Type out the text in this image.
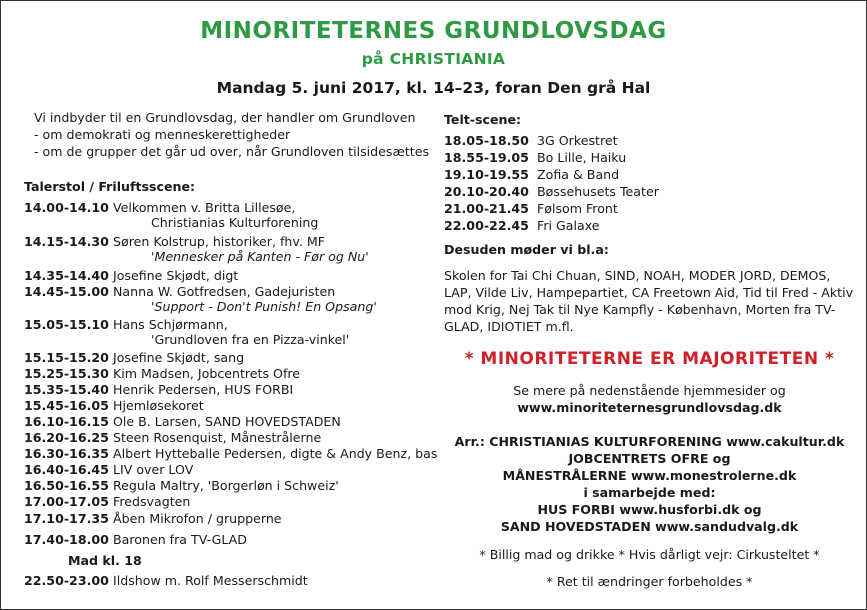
MINORITETERNES GRUNDLOVSDAG
på CHRISTIANIA
Mandag 5. juni 2017, kl. 14–23, foran Den grå Hal
Vi indbyder til en Grundlovsdag, der handler om Grundloven
- om demokrati og menneskerettigheder
- om de grupper det går ud over, når Grundloven tilsidesættes
Talerstol / Friluftsscene:
14.00-14.10 Velkommen v. Britta Lillesøe,
Christianias Kulturforening
14.15-14.30 Søren Kolstrup, historiker, fhv. MF
'Mennesker på Kanten - Før og Nu'
14.35-14.40 Josefine Skjødt, digt
14.45-15.00 Nanna W. Gotfredsen, Gadejuristen
'Support - Don't Punish! En Opsang'
15.05-15.10 Hans Schjørmann,
'Grundloven fra en Pizza-vinkel'
15.15-15.20 Josefine Skjødt, sang
15.25-15.30 Kim Madsen, Jobcentrets Ofre
15.35-15.40 Henrik Pedersen, HUS FORBI
15.45-16.05 Hjemløsekoret
16.10-16.15 Ole B. Larsen, SAND HOVEDSTADEN
16.20-16.25 Steen Rosenquist, Månestrålerne
16.30-16.35 Albert Hytteballe Pedersen, digte & Andy Benz, bas
16.40-16.45 LIV over LOV
16.50-16.55 Regula Maltry, 'Borgerløn i Schweiz'
17.00-17.05 Fredsvagten
17.10-17.35 Åben Mikrofon / grupperne
17.40-18.00 Baronen fra TV-GLAD
Mad kl. 18
22.50-23.00 Ildshow m. Rolf Messerschmidt
Telt-scene:
18.05-18.50 3G Orkestret
18.55-19.05 Bo Lille, Haiku
19.10-19.55 Zofia & Band
20.10-20.40 Bøssehusets Teater
21.00-21.45 Følsom Front
22.00-22.45 Fri Galaxe
Desuden møder vi bl.a:
Skolen for Tai Chi Chuan, SIND, NOAH, MODER JORD, DEMOS,
LAP, Vilde Liv, Hampepartiet, CA Freetown Aid, Tid til Fred - Aktiv
mod Krig, Nej Tak til Nye Kampfly - København, Morten fra TV-
GLAD, IDIOTIET m.fl.
* MINORITETERNE ER MAJORITETEN *
Se mere på nedenstående hjemmesider og
www.minoriteternesgrundlovsdag.dk
Arr.: CHRISTIANIAS KULTURFORENING www.cakultur.dk
JOBCENTRETS OFRE og
MÅNESTRÅLERNE www.monestrolerne.dk
i samarbejde med:
HUS FORBI www.husforbi.dk og
SAND HOVEDSTADEN www.sandudvalg.dk
* Billig mad og drikke * Hvis dårligt vejr: Cirkusteltet *
* Ret til ændringer forbeholdes *
